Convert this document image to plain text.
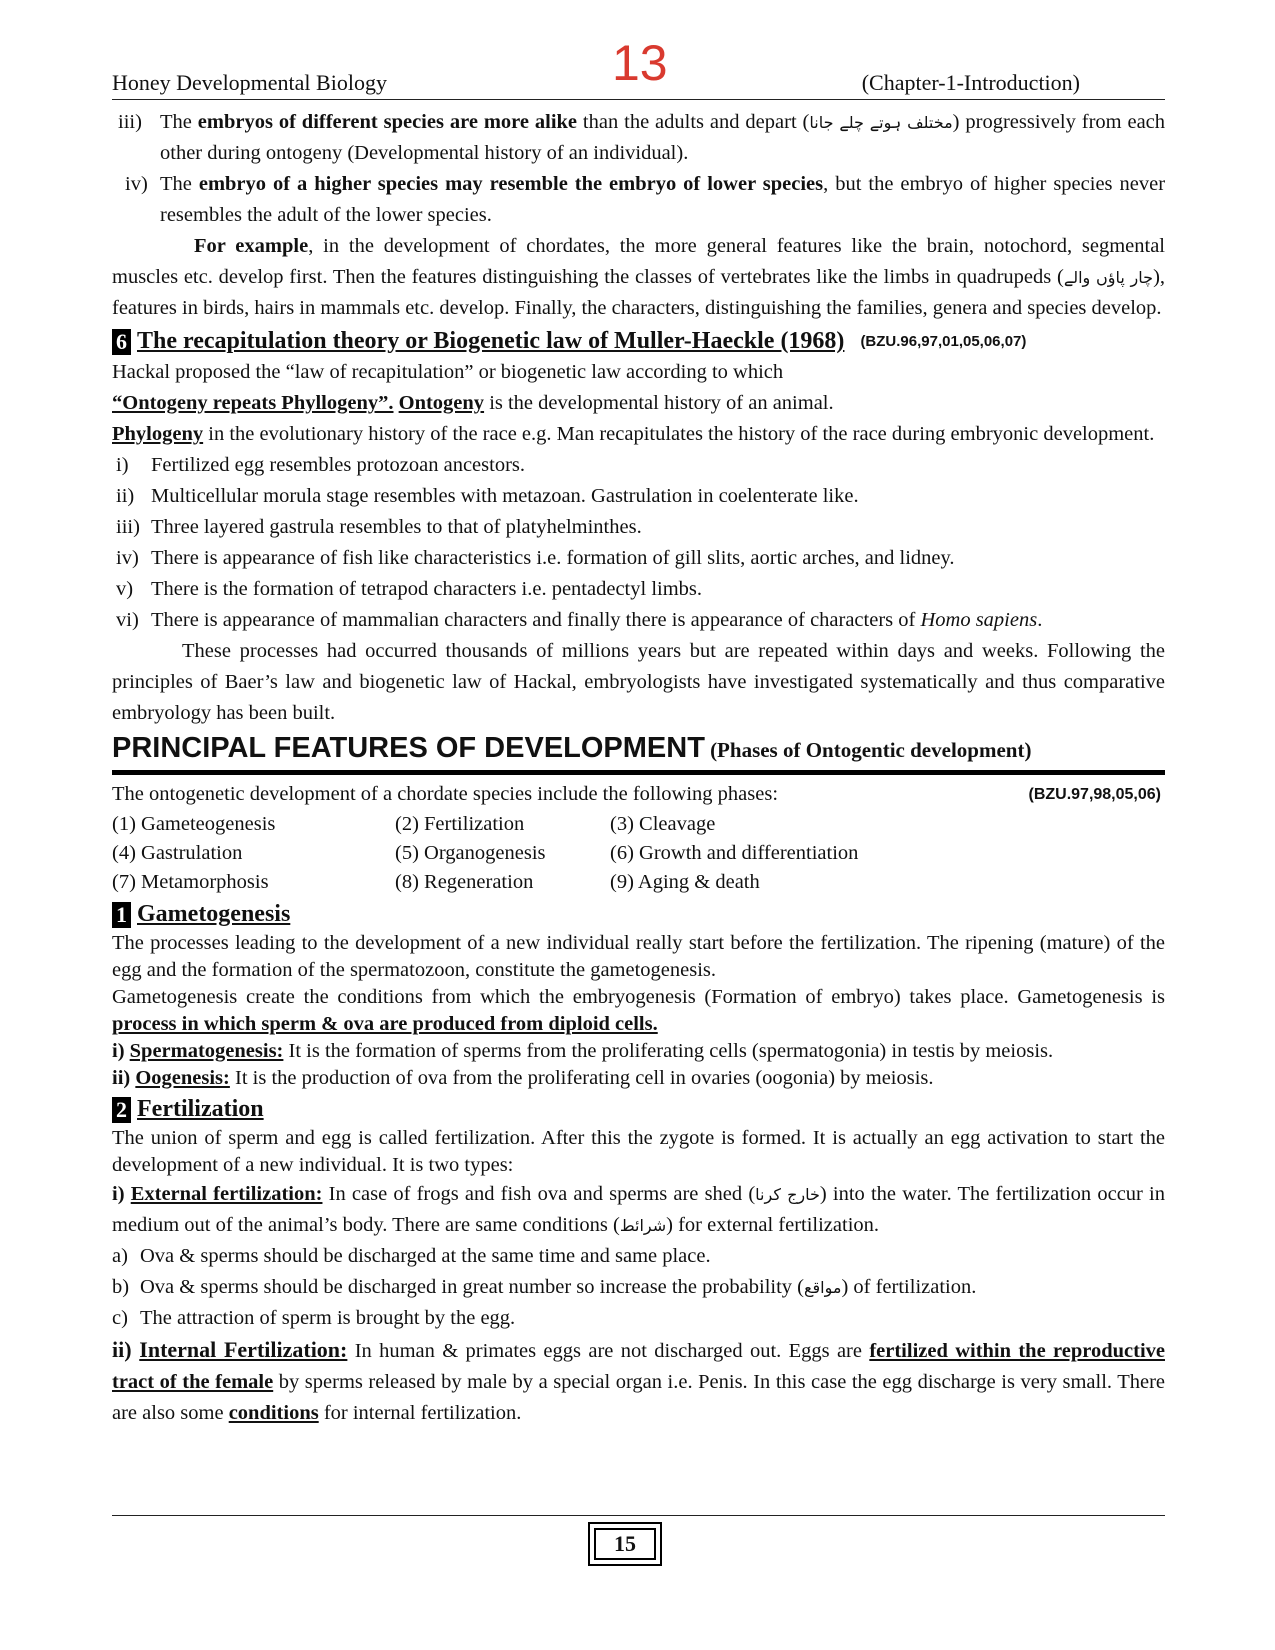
13
Honey Developmental Biology	(Chapter-1-Introduction)
iii) The embryos of different species are more alike than the adults and depart (مختلف ہوتے چلے جانا) progressively from each other during ontogeny (Developmental history of an individual).

iv) The embryo of a higher species may resemble the embryo of lower species, but the embryo of higher species never resembles the adult of the lower species.

For example, in the development of chordates, the more general features like the brain, notochord, segmental muscles etc. develop first. Then the features distinguishing the classes of vertebrates like the limbs in quadrupeds (چار پاؤں والے), features in birds, hairs in mammals etc. develop. Finally, the characters, distinguishing the families, genera and species develop.

6 The recapitulation theory or Biogenetic law of Muller-Haeckle (1968) (BZU.96,97,01,05,06,07)

Hackal proposed the “law of recapitulation” or biogenetic law according to which

“Ontogeny repeats Phyllogeny”. Ontogeny is the developmental history of an animal.

Phylogeny in the evolutionary history of the race e.g. Man recapitulates the history of the race during embryonic development.

i)	Fertilized egg resembles protozoan ancestors.
ii) Multicellular morula stage resembles with metazoan. Gastrulation in coelenterate like.
iii) Three layered gastrula resembles to that of platyhelminthes.
iv) There is appearance of fish like characteristics i.e. formation of gill slits, aortic arches, and lidney.
v) There is the formation of tetrapod characters i.e. pentadectyl limbs.
vi) There is appearance of mammalian characters and finally there is appearance of characters of Homo sapiens.

These processes had occurred thousands of millions years but are repeated within days and weeks. Following the principles of Baer’s law and biogenetic law of Hackal, embryologists have investigated systematically and thus comparative embryology has been built.

PRINCIPAL FEATURES OF DEVELOPMENT (Phases of Ontogentic development)
The ontogenetic development of a chordate species include the following phases:	(BZU.97,98,05,06)
(1) Gameteogenesis	(2) Fertilization	(3) Cleavage
(4) Gastrulation	(5) Organogenesis	(6) Growth and differentiation
(7) Metamorphosis	(8) Regeneration	(9) Aging & death
1 Gametogenesis

The processes leading to the development of a new individual really start before the fertilization. The ripening (mature) of the egg and the formation of the spermatozoon, constitute the gametogenesis.

Gametogenesis create the conditions from which the embryogenesis (Formation of embryo) takes place. Gametogenesis is process in which sperm & ova are produced from diploid cells.

i) Spermatogenesis: It is the formation of sperms from the proliferating cells (spermatogonia) in testis by meiosis.

ii) Oogenesis: It is the production of ova from the proliferating cell in ovaries (oogonia) by meiosis.

2 Fertilization

The union of sperm and egg is called fertilization. After this the zygote is formed. It is actually an egg activation to start the development of a new individual. It is two types:

i) External fertilization: In case of frogs and fish ova and sperms are shed (خارج کرنا) into the water. The fertilization occur in medium out of the animal’s body. There are same conditions (شرائط) for external fertilization.

a) Ova & sperms should be discharged at the same time and same place.
b) Ova & sperms should be discharged in great number so increase the probability (مواقع) of fertilization.
c) The attraction of sperm is brought by the egg.

ii) Internal Fertilization: In human & primates eggs are not discharged out. Eggs are fertilized within the reproductive tract of the female by sperms released by male by a special organ i.e. Penis. In this case the egg discharge is very small. There are also some conditions for internal fertilization.

15
